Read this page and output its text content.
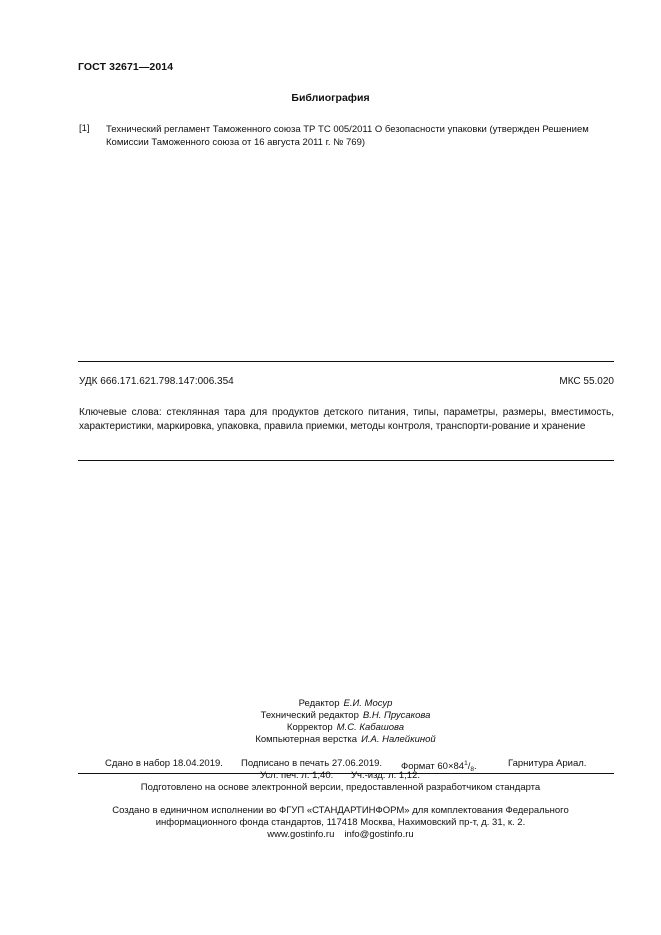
ГОСТ 32671—2014
Библиография
[1] Технический регламент Таможенного союза ТР ТС 005/2011 О безопасности упаковки (утвержден Решением Комиссии Таможенного союза от 16 августа 2011 г. № 769)
УДК 666.171.621.798.147:006.354	МКС 55.020
Ключевые слова: стеклянная тара для продуктов детского питания, типы, параметры, размеры, вместимость, характеристики, маркировка, упаковка, правила приемки, методы контроля, транспорти-рование и хранение
Редактор Е.И. Мосур
Технический редактор В.Н. Прусакова
Корректор М.С. Кабашова
Компьютерная верстка И.А. Налейкиной
Сдано в набор 18.04.2019. Подписано в печать 27.06.2019. Формат $60\times 84^1/_8$.	Гарнитура Ариал.
Усл. печ. л. 1,40. Уч.-изд. л. 1,12.
Подготовлено на основе электронной версии, предоставленной разработчиком стандарта
Создано в единичном исполнении во ФГУП «СТАНДАРТИНФОРМ» для комплектования Федерального
информационного фонда стандартов, 117418 Москва, Нахимовский пр-т, д. 31, к. 2.
www.gostinfo.ru info@gostinfo.ru
